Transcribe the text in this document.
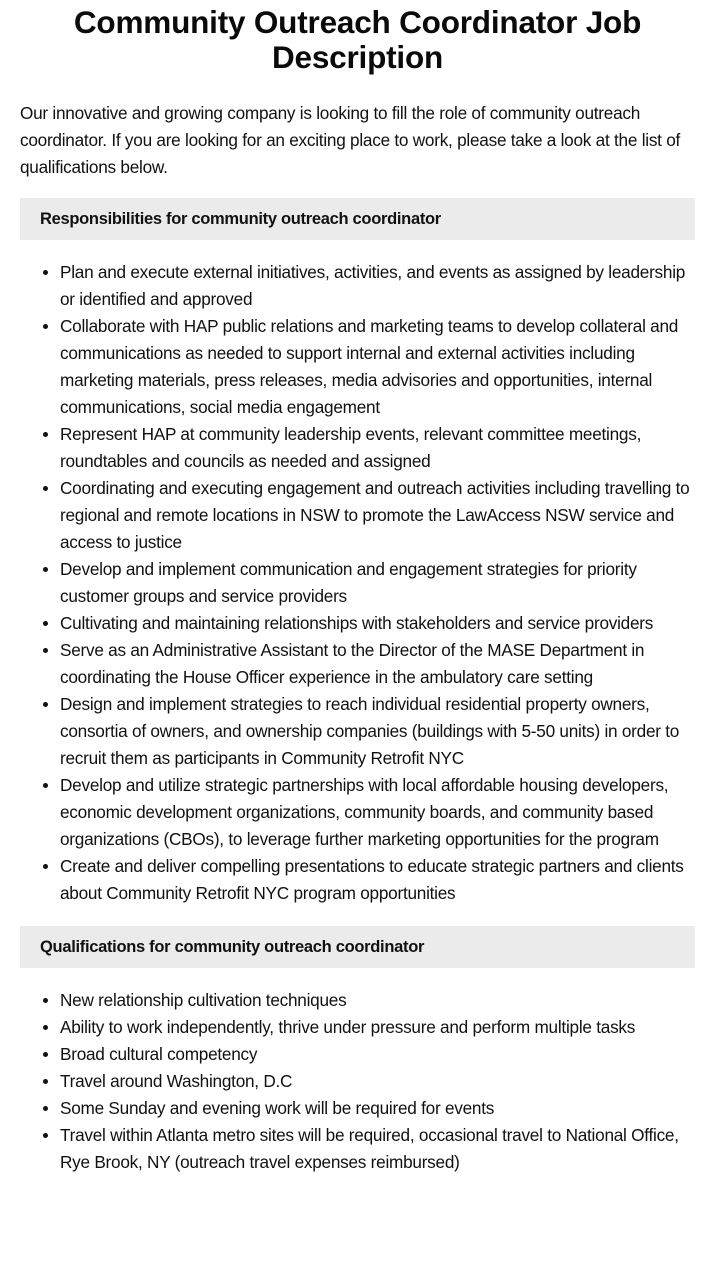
Community Outreach Coordinator Job Description

Our innovative and growing company is looking to fill the role of community outreach coordinator. If you are looking for an exciting place to work, please take a look at the list of qualifications below.

Responsibilities for community outreach coordinator
Plan and execute external initiatives, activities, and events as assigned by leadership or identified and approved
Collaborate with HAP public relations and marketing teams to develop collateral and communications as needed to support internal and external activities including marketing materials, press releases, media advisories and opportunities, internal communications, social media engagement
Represent HAP at community leadership events, relevant committee meetings, roundtables and councils as needed and assigned
Coordinating and executing engagement and outreach activities including travelling to regional and remote locations in NSW to promote the LawAccess NSW service and access to justice
Develop and implement communication and engagement strategies for priority customer groups and service providers
Cultivating and maintaining relationships with stakeholders and service providers
Serve as an Administrative Assistant to the Director of the MASE Department in coordinating the House Officer experience in the ambulatory care setting
Design and implement strategies to reach individual residential property owners, consortia of owners, and ownership companies (buildings with 5-50 units) in order to recruit them as participants in Community Retrofit NYC
Develop and utilize strategic partnerships with local affordable housing developers, economic development organizations, community boards, and community based organizations (CBOs), to leverage further marketing opportunities for the program
Create and deliver compelling presentations to educate strategic partners and clients about Community Retrofit NYC program opportunities
Qualifications for community outreach coordinator
New relationship cultivation techniques
Ability to work independently, thrive under pressure and perform multiple tasks
Broad cultural competency
Travel around Washington, D.C
Some Sunday and evening work will be required for events
Travel within Atlanta metro sites will be required, occasional travel to National Office, Rye Brook, NY (outreach travel expenses reimbursed)
